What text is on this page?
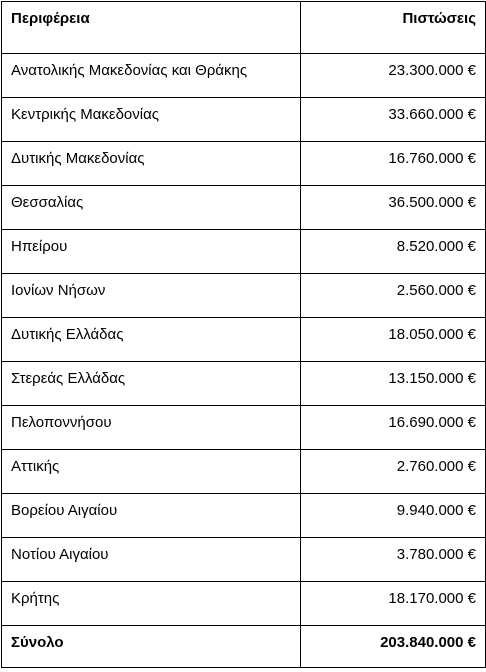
Περιφέρεια	Πιστώσεις
Ανατολικής Μακεδονίας και Θράκης	23.300.000 €
Κεντρικής Μακεδονίας	33.660.000 €
Δυτικής Μακεδονίας	16.760.000 €
Θεσσαλίας	36.500.000 €
Ηπείρου	8.520.000 €
Ιονίων Νήσων	2.560.000 €
Δυτικής Ελλάδας	18.050.000 €
Στερεάς Ελλάδας	13.150.000 €
Πελοποννήσου	16.690.000 €
Αττικής	2.760.000 €
Βορείου Αιγαίου	9.940.000 €
Νοτίου Αιγαίου	3.780.000 €
Κρήτης	18.170.000 €
Σύνολο	203.840.000 €
